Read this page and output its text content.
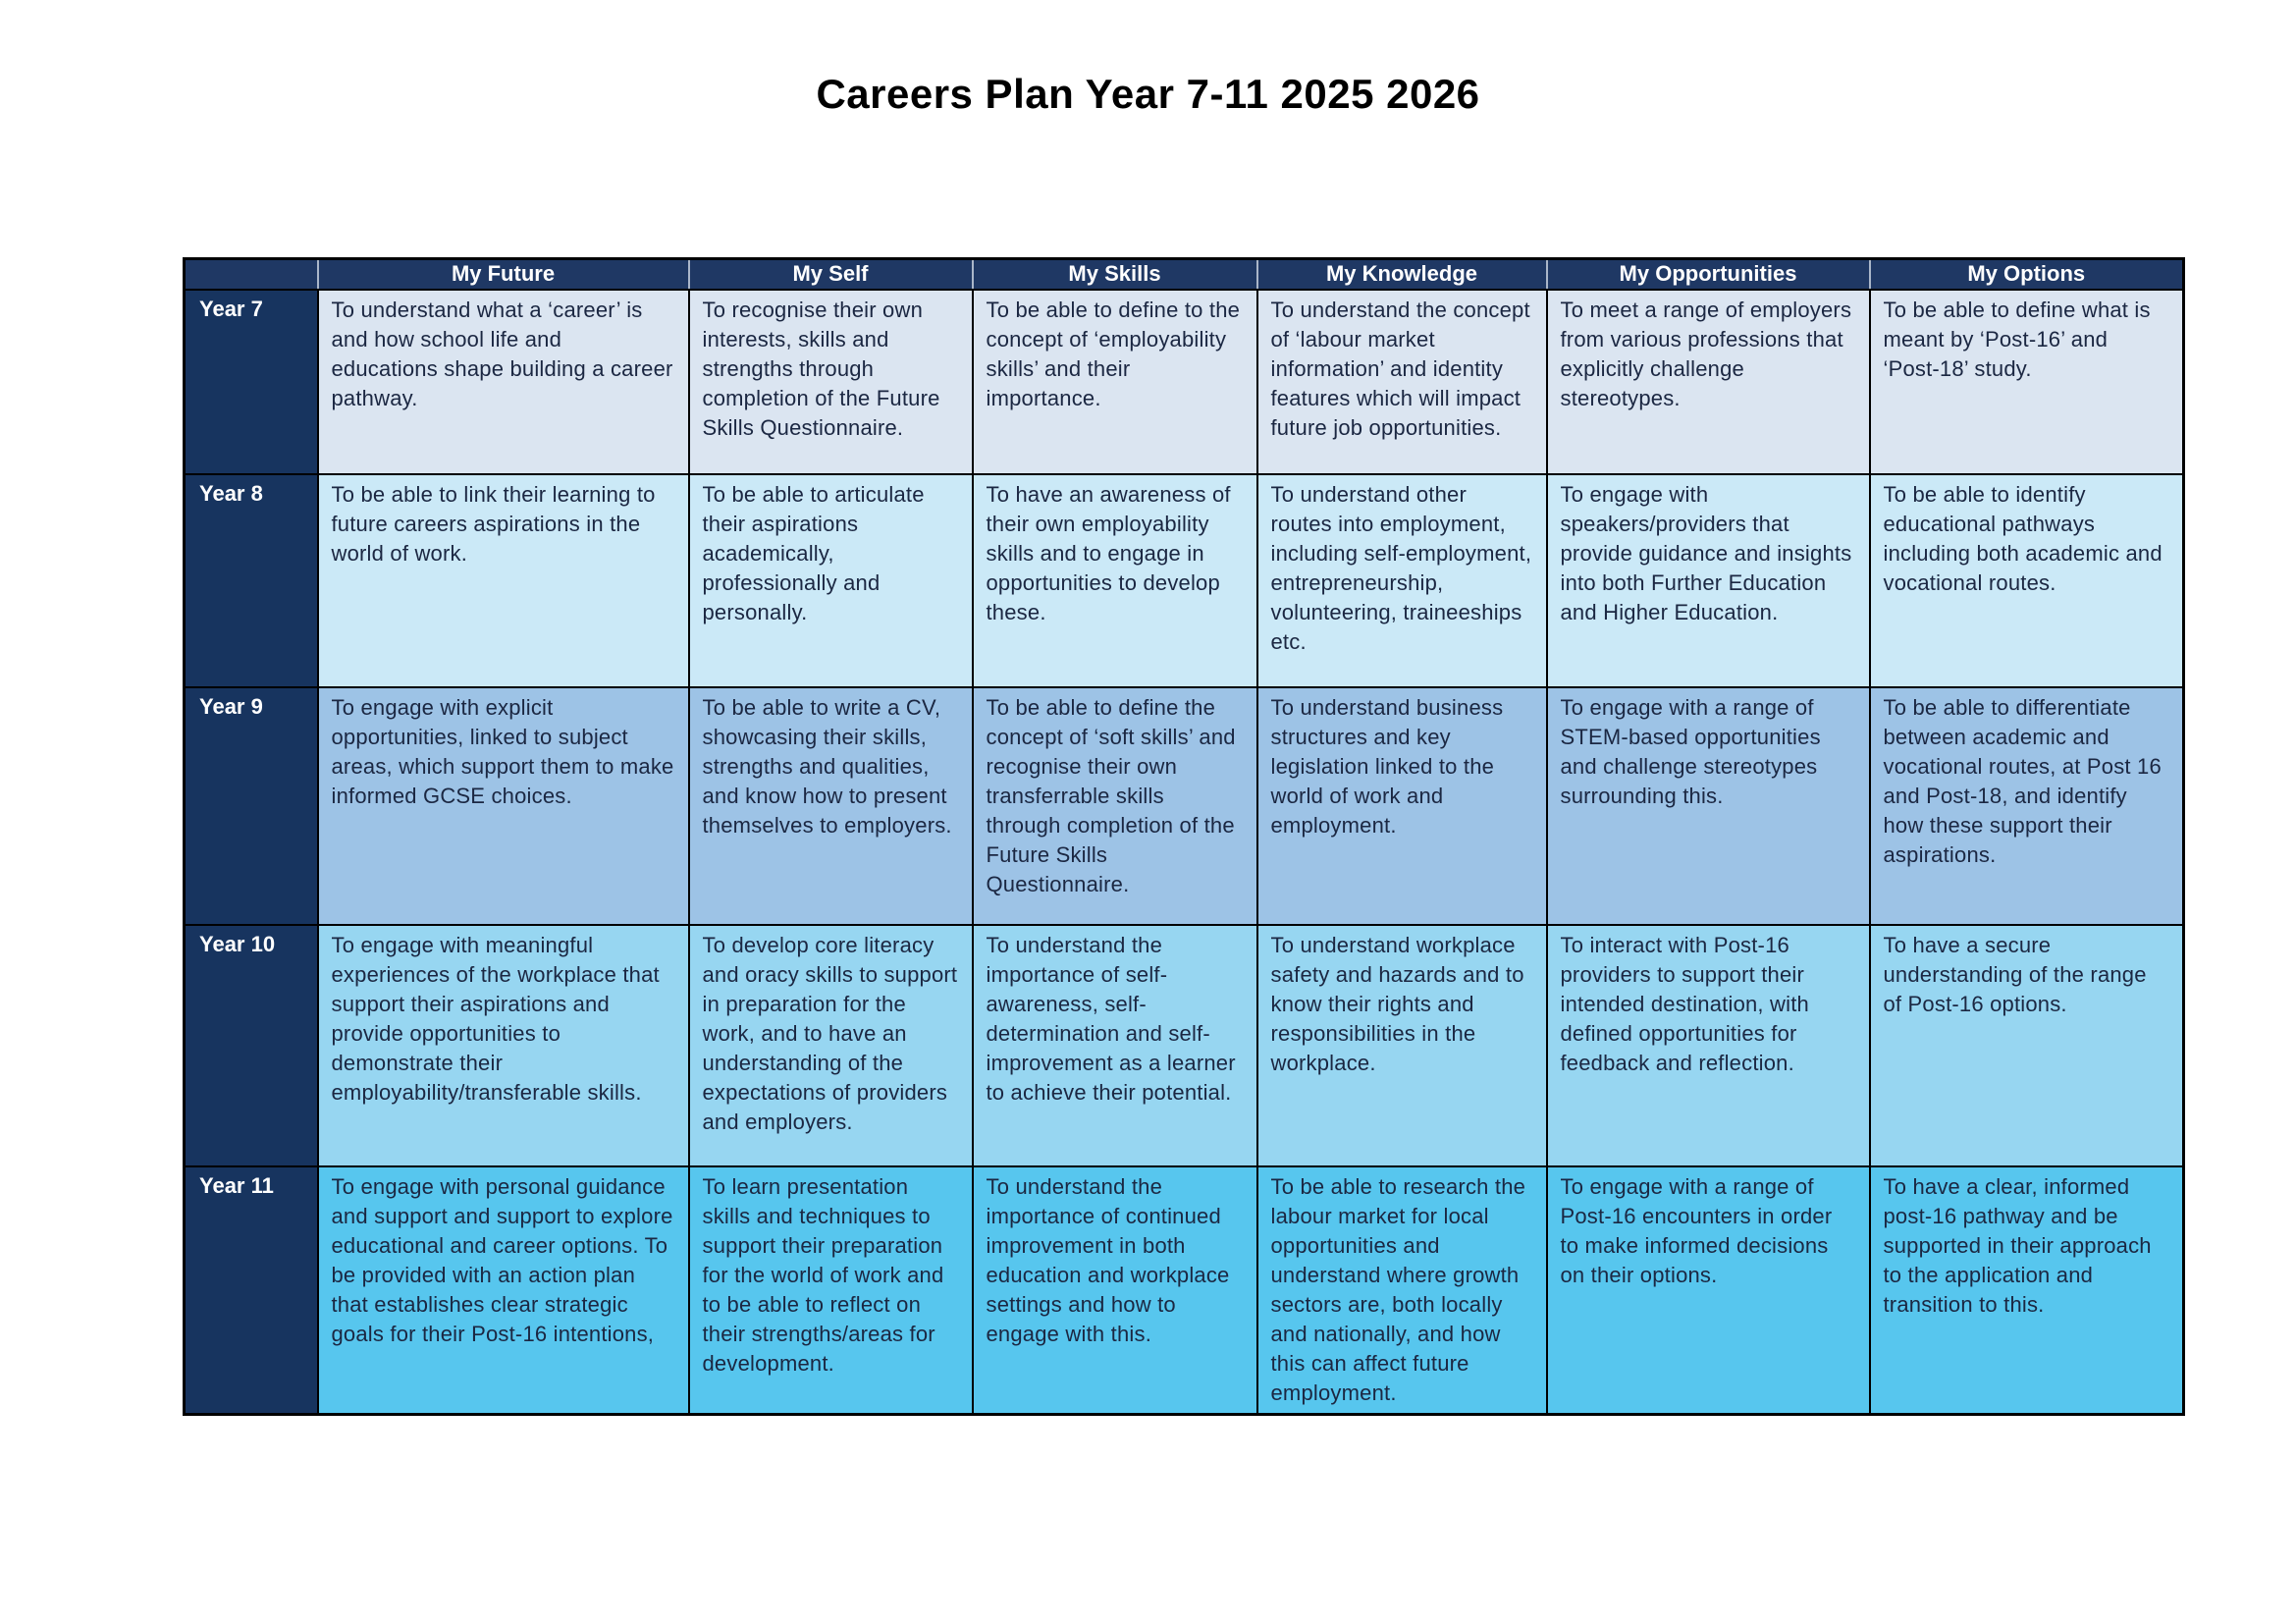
Careers Plan Year 7-11 2025 2026
	My Future	My Self	My Skills	My Knowledge	My Opportunities	My Options
Year 7	To understand what a ‘career’ is and how school life and educations shape building a career pathway.	To recognise their own interests, skills and strengths through completion of the Future Skills Questionnaire.	To be able to define to the concept of ‘employability skills’ and their importance.	To understand the concept of ‘labour market information’ and identity features which will impact future job opportunities.	To meet a range of employers from various professions that explicitly challenge stereotypes.	To be able to define what is meant by ‘Post-16’ and ‘Post-18’ study.
Year 8	To be able to link their learning to future careers aspirations in the world of work.	To be able to articulate their aspirations academically, professionally and personally.	To have an awareness of their own employability skills and to engage in opportunities to develop these.	To understand other routes into employment, including self-employment, entrepreneurship, volunteering, traineeships etc.	To engage with speakers/providers that provide guidance and insights into both Further Education and Higher Education.	To be able to identify educational pathways including both academic and vocational routes.
Year 9	To engage with explicit opportunities, linked to subject areas, which support them to make informed GCSE choices.	To be able to write a CV, showcasing their skills, strengths and qualities, and know how to present themselves to employers.	To be able to define the concept of ‘soft skills’ and recognise their own transferrable skills through completion of the Future Skills Questionnaire.	To understand business structures and key legislation linked to the world of work and employment.	To engage with a range of STEM-based opportunities and challenge stereotypes surrounding this.	To be able to differentiate between academic and vocational routes, at Post 16 and Post-18, and identify how these support their aspirations.
Year 10	To engage with meaningful experiences of the workplace that support their aspirations and provide opportunities to demonstrate their employability/transferable skills.	To develop core literacy and oracy skills to support in preparation for the work, and to have an understanding of the expectations of providers and employers.	To understand the importance of self-awareness, self-determination and self-improvement as a learner to achieve their potential.	To understand workplace safety and hazards and to know their rights and responsibilities in the workplace.	To interact with Post-16 providers to support their intended destination, with defined opportunities for feedback and reflection.	To have a secure understanding of the range of Post-16 options.
Year 11	To engage with personal guidance and support and support to explore educational and career options. To be provided with an action plan that establishes clear strategic goals for their Post-16 intentions,	To learn presentation skills and techniques to support their preparation for the world of work and to be able to reflect on their strengths/areas for development.	To understand the importance of continued improvement in both education and workplace settings and how to engage with this.	To be able to research the labour market for local opportunities and understand where growth sectors are, both locally and nationally, and how this can affect future employment.	To engage with a range of Post-16 encounters in order to make informed decisions on their options.	To have a clear, informed post-16 pathway and be supported in their approach to the application and transition to this.
